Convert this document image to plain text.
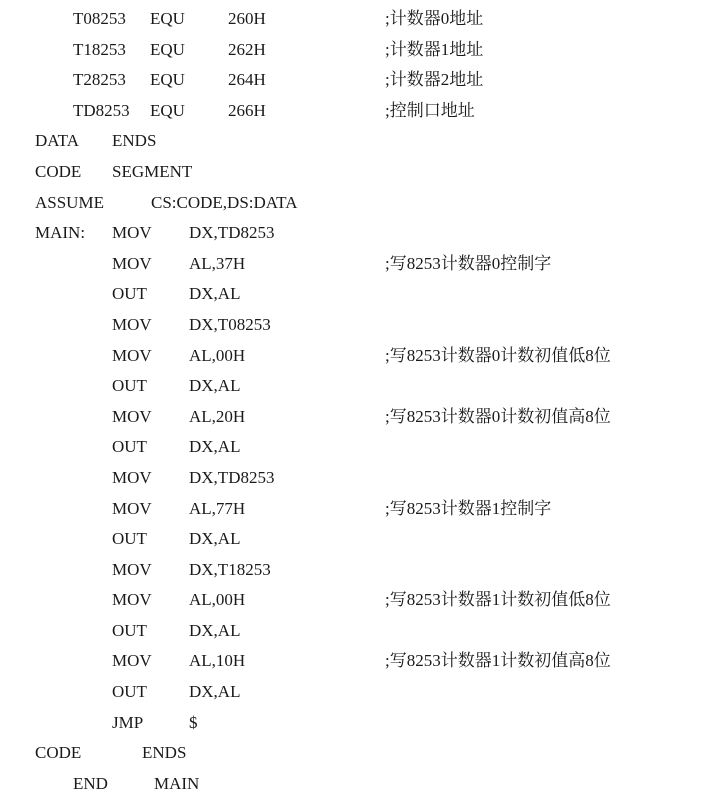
T08253 EQU	260H	;计数器0地址
T18253 EQU	262H	;计数器1地址
T28253 EQU	264H	;计数器2地址
TD8253 EQU	266H	;控制口地址
DATA ENDS
CODE SEGMENT
ASSUME	CS:CODE,DS:DATA
MAIN: MOV DX,TD8253
MOV AL,37H	;写8253计数器0控制字
OUT DX,AL
MOV DX,T08253
MOV AL,00H	;写8253计数器0计数初值低8位
OUT DX,AL
MOV AL,20H	;写8253计数器0计数初值高8位
OUT DX,AL
MOV DX,TD8253
MOV AL,77H	;写8253计数器1控制字
OUT DX,AL
MOV DX,T18253
MOV AL,00H	;写8253计数器1计数初值低8位
OUT DX,AL
MOV AL,10H	;写8253计数器1计数初值高8位
OUT DX,AL
JMP	$
CODE	ENDS
END	MAIN
